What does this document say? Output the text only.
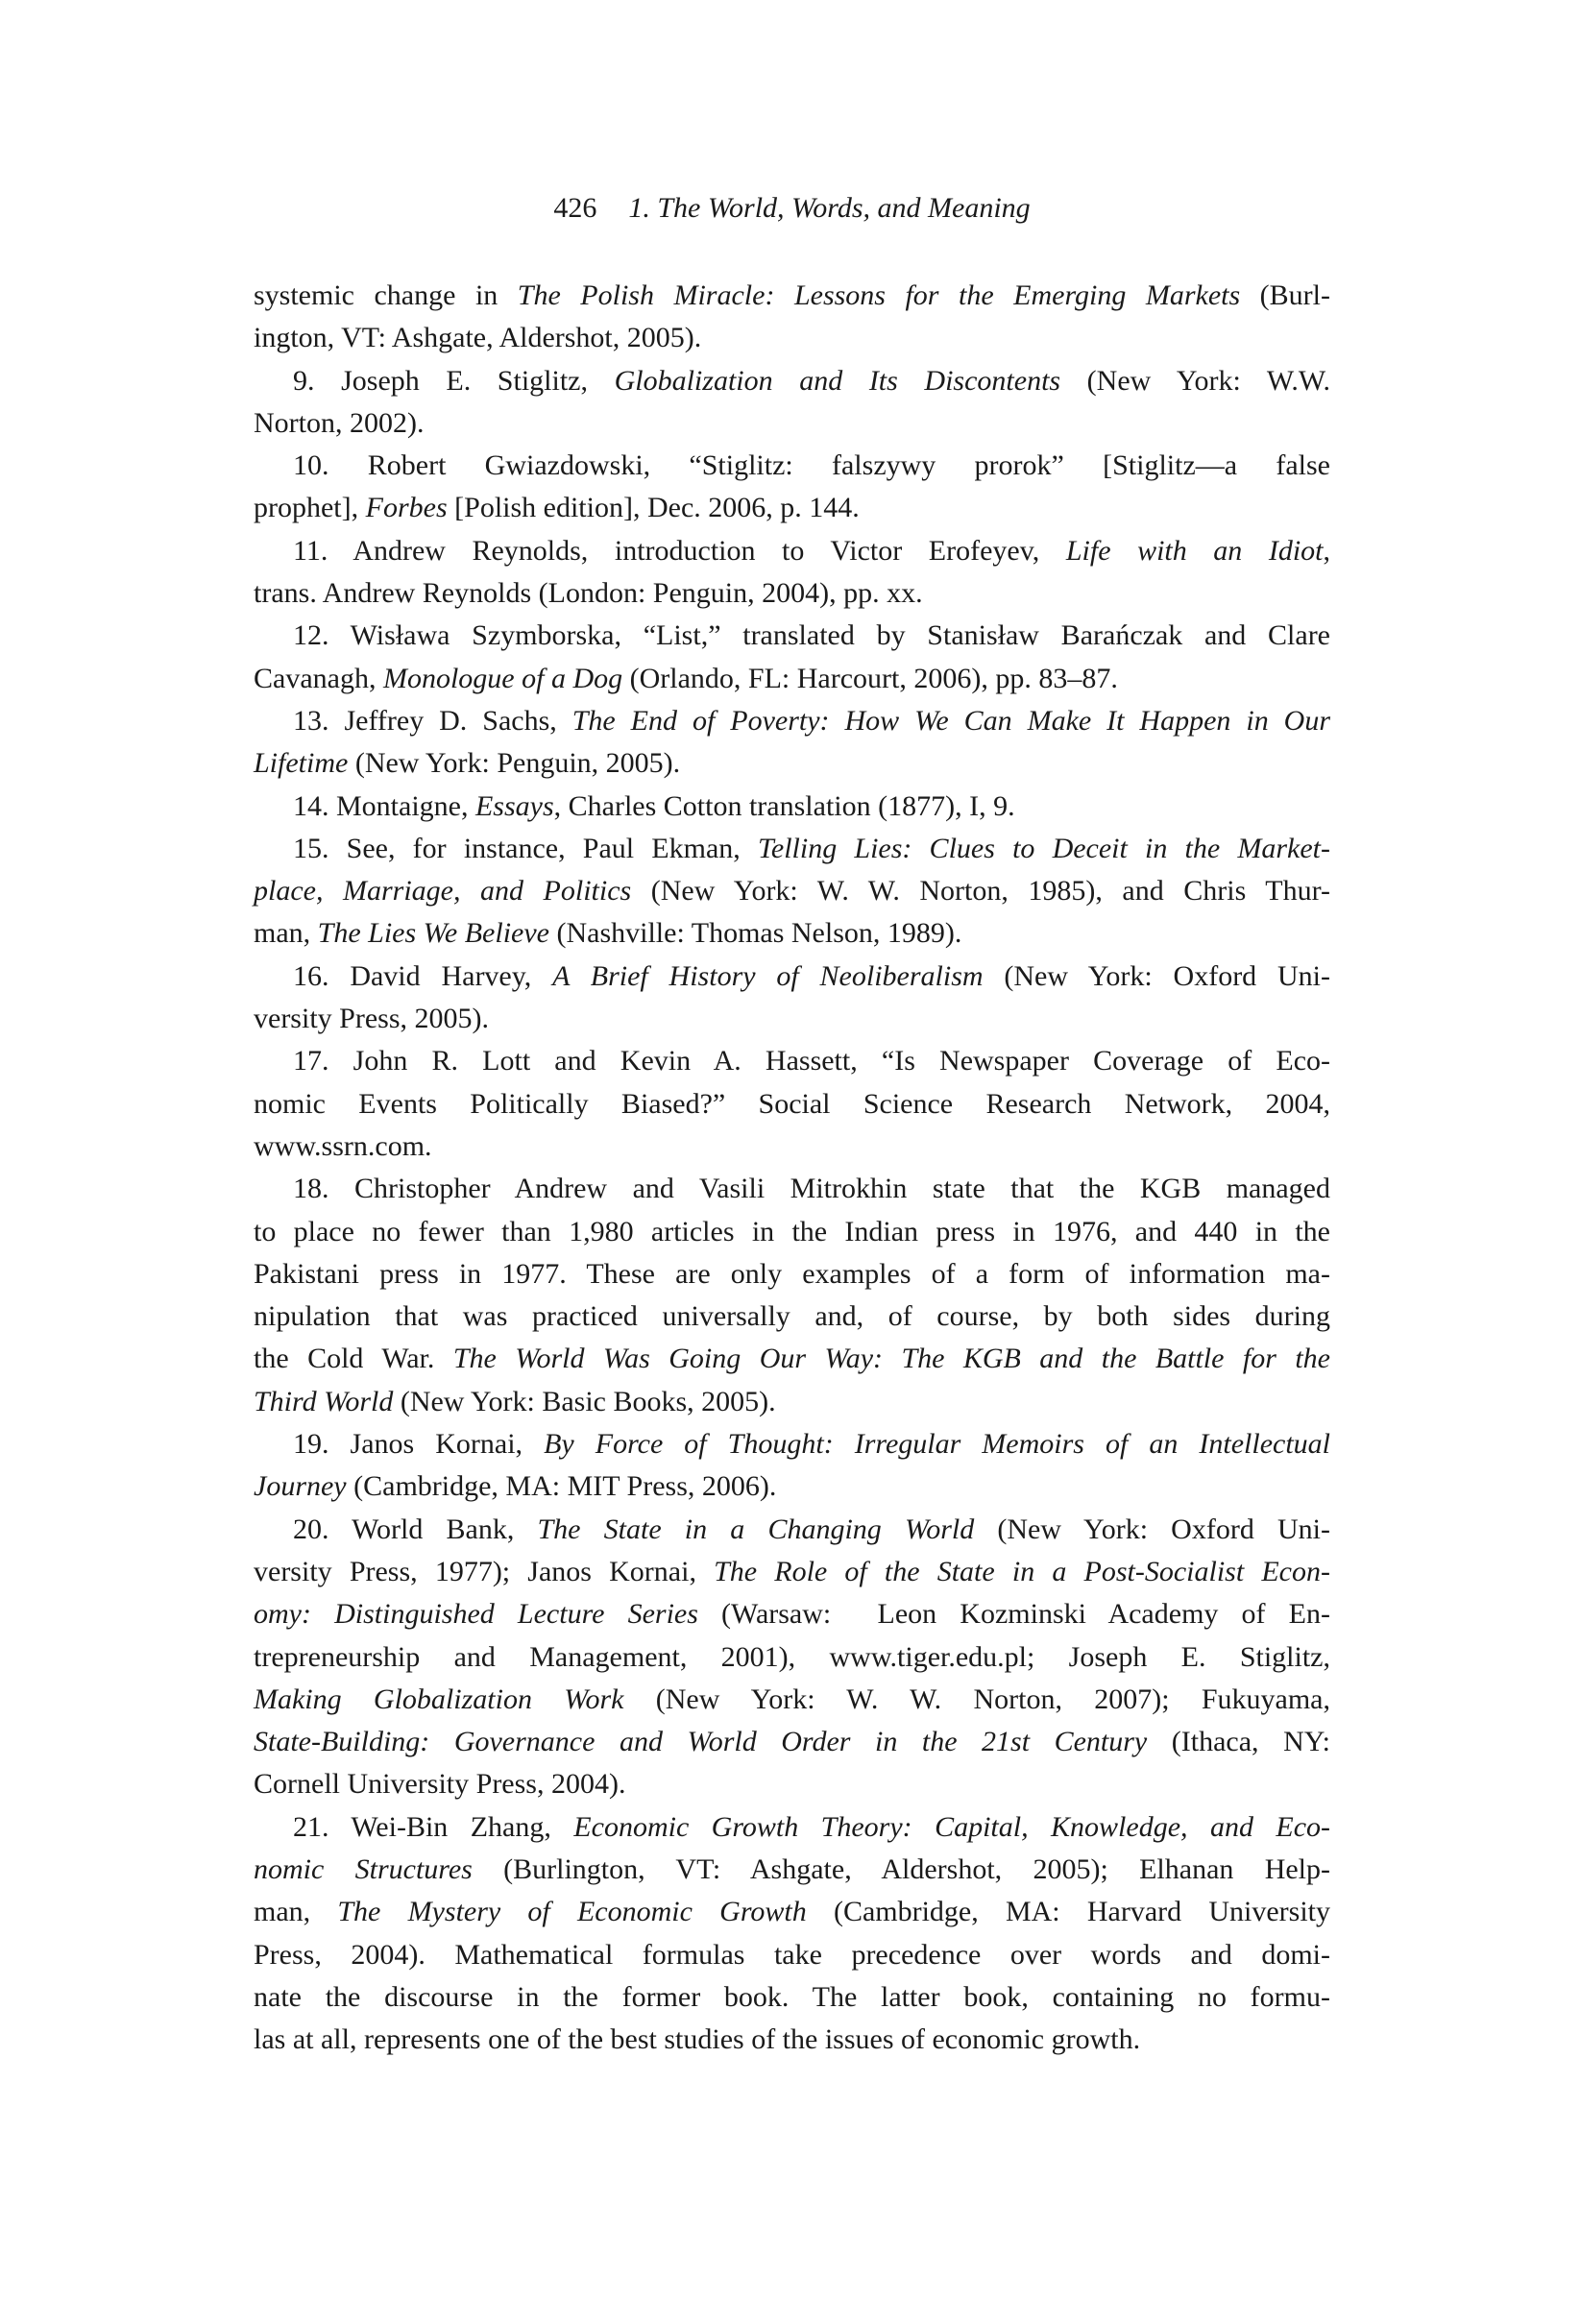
426 1. The World, Words, and Meaning
systemic change in The Polish Miracle: Lessons for the Emerging Markets (Burl-
ington, VT: Ashgate, Aldershot, 2005).
9. Joseph E. Stiglitz, Globalization and Its Discontents (New York: W.W.
Norton, 2002).
10. Robert Gwiazdowski, “Stiglitz: falszywy prorok” [Stiglitz—a false
prophet], Forbes [Polish edition], Dec. 2006, p. 144.
11. Andrew Reynolds, introduction to Victor Erofeyev, Life with an Idiot,
trans. Andrew Reynolds (London: Penguin, 2004), pp. xx.
12. Wisława Szymborska, “List,” translated by Stanisław Barańczak and Clare
Cavanagh, Monologue of a Dog (Orlando, FL: Harcourt, 2006), pp. 83–87.
13. Jeffrey D. Sachs, The End of Poverty: How We Can Make It Happen in Our
Lifetime (New York: Penguin, 2005).
14. Montaigne, Essays, Charles Cotton translation (1877), I, 9.
15. See, for instance, Paul Ekman, Telling Lies: Clues to Deceit in the Market-
place, Marriage, and Politics (New York: W. W. Norton, 1985), and Chris Thur-
man, The Lies We Believe (Nashville: Thomas Nelson, 1989).
16. David Harvey, A Brief History of Neoliberalism (New York: Oxford Uni-
versity Press, 2005).
17. John R. Lott and Kevin A. Hassett, “Is Newspaper Coverage of Eco-
nomic Events Politically Biased?” Social Science Research Network, 2004,
www.ssrn.com.
18. Christopher Andrew and Vasili Mitrokhin state that the KGB managed
to place no fewer than 1,980 articles in the Indian press in 1976, and 440 in the
Pakistani press in 1977. These are only examples of a form of information ma-
nipulation that was practiced universally and, of course, by both sides during
the Cold War. The World Was Going Our Way: The KGB and the Battle for the
Third World (New York: Basic Books, 2005).
19. Janos Kornai, By Force of Thought: Irregular Memoirs of an Intellectual
Journey (Cambridge, MA: MIT Press, 2006).
20. World Bank, The State in a Changing World (New York: Oxford Uni-
versity Press, 1977); Janos Kornai, The Role of the State in a Post-Socialist Econ-
omy: Distinguished Lecture Series (Warsaw:  Leon Kozminski Academy of En-
trepreneurship and Management, 2001), www.tiger.edu.pl; Joseph E. Stiglitz,
Making Globalization Work (New York: W. W. Norton, 2007); Fukuyama,
State-Building: Governance and World Order in the 21st Century (Ithaca, NY:
Cornell University Press, 2004).
21. Wei-Bin Zhang, Economic Growth Theory: Capital, Knowledge, and Eco-
nomic Structures (Burlington, VT: Ashgate, Aldershot, 2005); Elhanan Help-
man, The Mystery of Economic Growth (Cambridge, MA: Harvard University
Press, 2004). Mathematical formulas take precedence over words and domi-
nate the discourse in the former book. The latter book, containing no formu-
las at all, represents one of the best studies of the issues of economic growth.
